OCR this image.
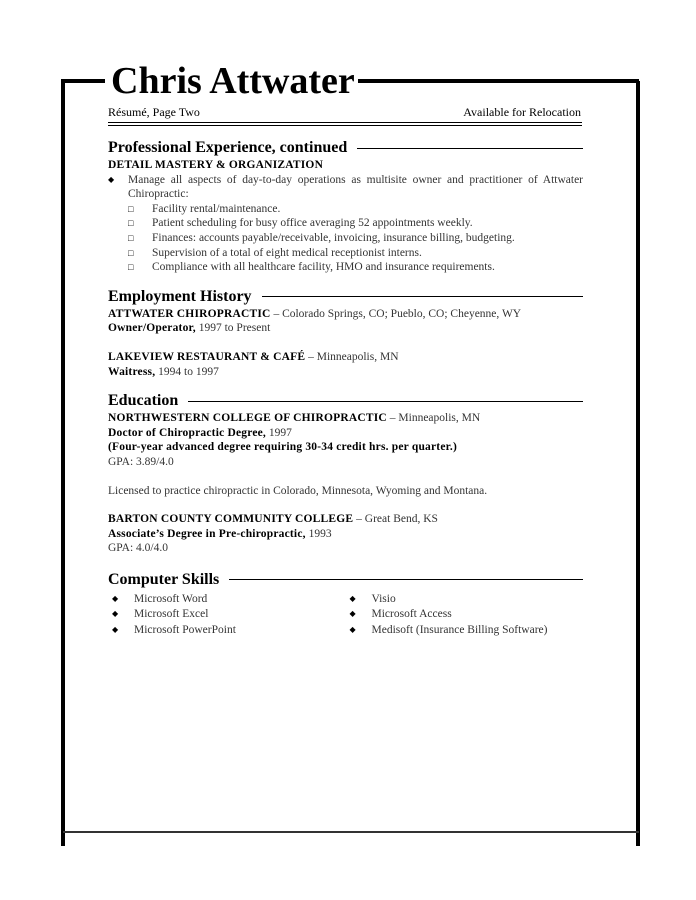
Chris Attwater
Résumé, Page Two	Available for Relocation
Professional Experience, continued
DETAIL MASTERY & ORGANIZATION
◆	Manage all aspects of day-to-day operations as multisite owner and practitioner of Attwater Chiropractic:
□	Facility rental/maintenance.
□	Patient scheduling for busy office averaging 52 appointments weekly.
□	Finances: accounts payable/receivable, invoicing, insurance billing, budgeting.
□	Supervision of a total of eight medical receptionist interns.
□	Compliance with all healthcare facility, HMO and insurance requirements.
Employment History
ATTWATER CHIROPRACTIC – Colorado Springs, CO; Pueblo, CO; Cheyenne, WY
Owner/Operator, 1997 to Present
LAKEVIEW RESTAURANT & CAFÉ – Minneapolis, MN
Waitress, 1994 to 1997
Education
NORTHWESTERN COLLEGE OF CHIROPRACTIC – Minneapolis, MN
Doctor of Chiropractic Degree, 1997
(Four-year advanced degree requiring 30-34 credit hrs. per quarter.)
GPA: 3.89/4.0
Licensed to practice chiropractic in Colorado, Minnesota, Wyoming and Montana.
BARTON COUNTY COMMUNITY COLLEGE – Great Bend, KS
Associate’s Degree in Pre-chiropractic, 1993
GPA: 4.0/4.0
Computer Skills
◆	Microsoft Word
◆	Microsoft Excel
◆	Microsoft PowerPoint
◆	Visio
◆	Microsoft Access
◆	Medisoft (Insurance Billing Software)
